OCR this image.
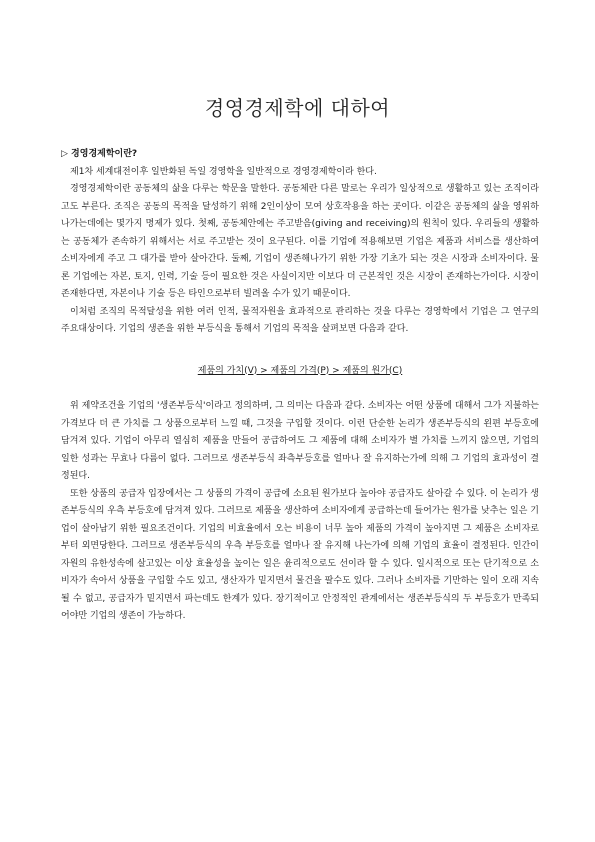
경영경제학에 대하여

▷ 경영경제학이란?

제1차 세계대전이후 일반화된 독일 경영학을 일반적으로 경영경제학이라 한다.

경영경제학이란 공동체의 삶을 다루는 학문을 말한다. 공동체란 다른 말로는 우리가 일상적으로 생활하고 있는 조직이라고도 부른다. 조직은 공동의 목적을 달성하기 위해 2인이상이 모여 상호작용을 하는 곳이다. 이같은 공동체의 삶을 영위하나가는데에는 몇가지 명제가 있다. 첫째, 공동체안에는 주고받음(giving and receiving)의 원칙이 있다. 우리들의 생활하는 공동체가 존속하기 위해서는 서로 주고받는 것이 요구된다. 이를 기업에 적용해보면 기업은 제품과 서비스를 생산하여 소비자에게 주고 그 대가를 받아 살아간다. 둘째, 기업이 생존해나가기 위한 가장 기초가 되는 것은 시장과 소비자이다. 물론 기업에는 자본, 토지, 인력, 기술 등이 필요한 것은 사실이지만 이보다 더 근본적인 것은 시장이 존재하는가이다. 시장이 존재한다면, 자본이나 기술 등은 타인으로부터 빌려올 수가 있기 때문이다.

이처럼 조직의 목적달성을 위한 여러 인적, 물적자원을 효과적으로 관리하는 것을 다루는 경영학에서 기업은 그 연구의 주요대상이다. 기업의 생존을 위한 부등식을 통해서 기업의 목적을 살펴보면 다음과 같다.

제품의 가치(V) > 제품의 가격(P) > 제품의 원가(C)

위 제약조건을 기업의 '생존부등식'이라고 정의하며, 그 의미는 다음과 같다. 소비자는 어떤 상품에 대해서 그가 지불하는 가격보다 더 큰 가치를 그 상품으로부터 느낄 때, 그것을 구입할 것이다. 이런 단순한 논리가 생존부등식의 왼편 부등호에 담겨져 있다. 기업이 아무리 열심히 제품을 만들어 공급하여도 그 제품에 대해 소비자가 별 가치를 느끼지 않으면, 기업의 일한 성과는 무효나 다름이 없다. 그러므로 생존부등식 좌측부등호를 얼마나 잘 유지하는가에 의해 그 기업의 효과성이 결정된다.

또한 상품의 공급자 입장에서는 그 상품의 가격이 공급에 소요된 원가보다 높아야 공급자도 살아갈 수 있다. 이 논리가 생존부등식의 우측 부등호에 담겨져 있다. 그러므로 제품을 생산하여 소비자에게 공급하는데 들어가는 원가를 낮추는 일은 기업이 살아남기 위한 필요조건이다. 기업의 비효율에서 오는 비용이 너무 높아 제품의 가격이 높아지면 그 제품은 소비자로부터 외면당한다. 그러므로 생존부등식의 우측 부등호를 얼마나 잘 유지해 나는가에 의해 기업의 효율이 결정된다. 인간이 자원의 유한성속에 살고있는 이상 효율성을 높이는 일은 윤리적으로도 선이라 할 수 있다. 일시적으로 또는 단기적으로 소비자가 속아서 상품을 구입할 수도 있고, 생산자가 밑지면서 물건을 팔수도 있다. 그러나 소비자를 기만하는 일이 오래 지속될 수 없고, 공급자가 밑지면서 파는데도 한계가 있다. 장기적이고 안정적인 관계에서는 생존부등식의 두 부등호가 만족되어야만 기업의 생존이 가능하다.
